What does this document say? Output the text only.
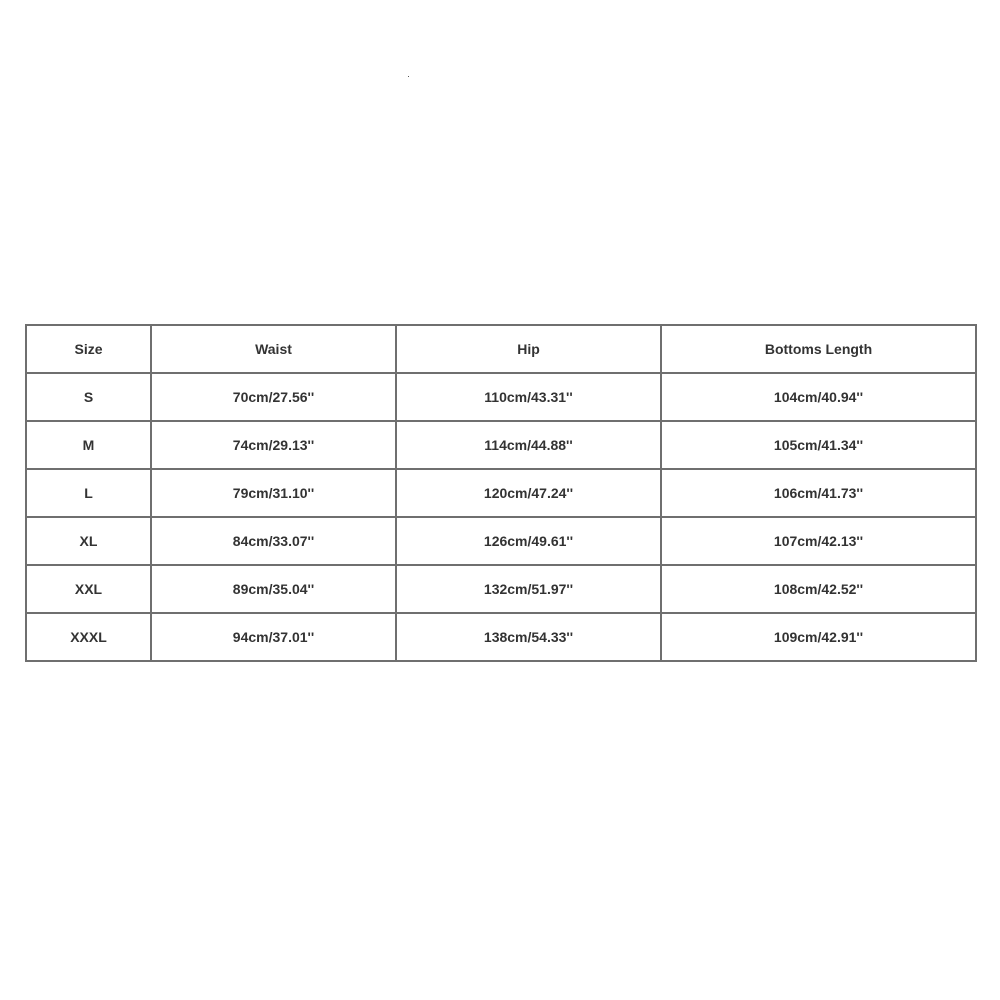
Size	Waist	Hip	Bottoms Length
S	70cm/27.56''	110cm/43.31''	104cm/40.94''
M	74cm/29.13''	114cm/44.88''	105cm/41.34''
L	79cm/31.10''	120cm/47.24''	106cm/41.73''
XL	84cm/33.07''	126cm/49.61''	107cm/42.13''
XXL	89cm/35.04''	132cm/51.97''	108cm/42.52''
XXXL	94cm/37.01''	138cm/54.33''	109cm/42.91''
